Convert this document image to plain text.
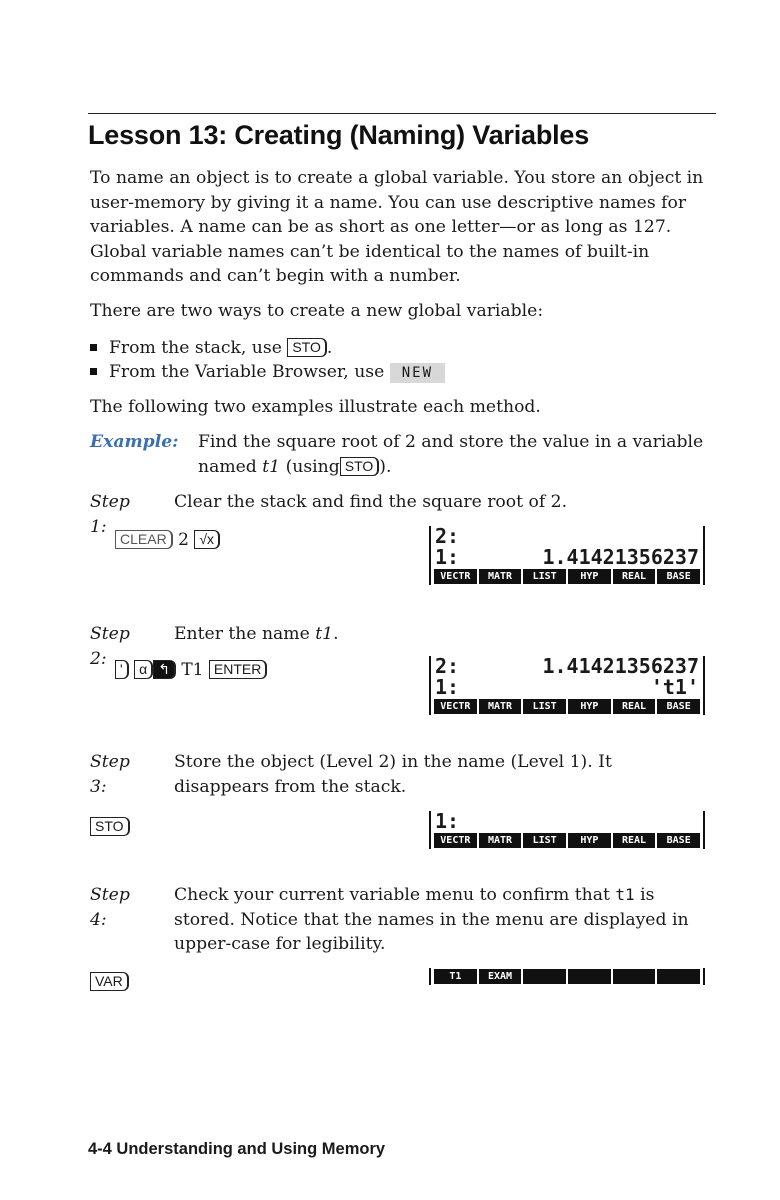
Lesson 13: Creating (Naming) Variables

To name an object is to create a global variable. You store an object in user-memory by giving it a name. You can use descriptive names for variables. A name can be as short as one letter—or as long as 127. Global variable names can’t be identical to the names of built-in commands and can’t begin with a number.

There are two ways to create a new global variable:

From the stack, use STO .
From the Variable Browser, use NEW

The following two examples illustrate each method.

Example: Find the square root of 2 and store the value in a variable
named t1 (using STO ).
Step 1:
Clear the stack and find the square root of 2.
CLEAR 2 √x	2:
1:	1.41421356237
VECTR	MATR	LIST	HYP	REAL	BASE
Step 2:
Enter the name t1.
' α ↰ T1 ENTER	2:	1.41421356237
1:	't1'
VECTR	MATR	LIST	HYP	REAL	BASE
Step 3:
Store the object (Level 2) in the name (Level 1). It disappears from the stack.
STO	1:
VECTR	MATR	LIST	HYP	REAL	BASE
Step 4:
Check your current variable menu to confirm that t1 is stored. Notice that the names in the menu are displayed in upper-case for legibility.
VAR	T1	EXAM
4-4 Understanding and Using Memory
